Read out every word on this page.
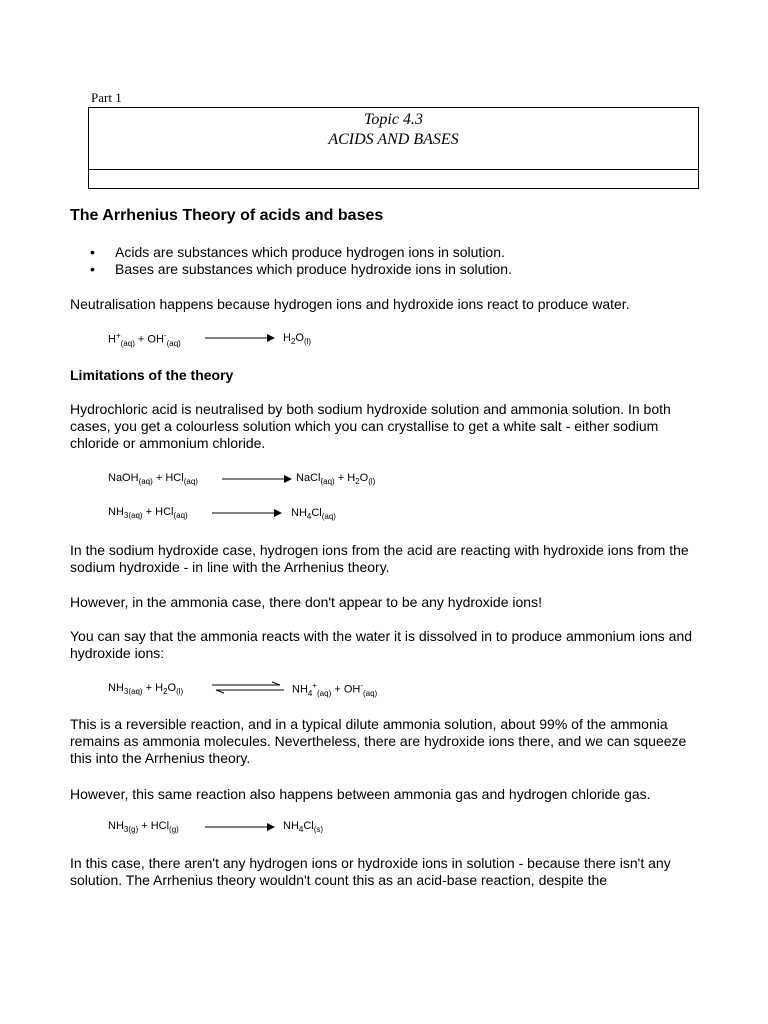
Part 1
Topic 4.3
ACIDS AND BASES
The Arrhenius Theory of acids and bases
• Acids are substances which produce hydrogen ions in solution.
• Bases are substances which produce hydroxide ions in solution.
Neutralisation happens because hydrogen ions and hydroxide ions react to produce water.
$H^+_{(aq)} + OH^-_{(aq)}$	$H_2O_{(l)}$
Limitations of the theory
Hydrochloric acid is neutralised by both sodium hydroxide solution and ammonia solution. In both cases, you get a colourless solution which you can crystallise to get a white salt - either sodium chloride or ammonium chloride.
NaOH$_{(aq)}$ + HCl$_{(aq)}$	NaCl$_{(aq)}$ + $H_2O_{(l)}$
$NH_{3(aq)} + HCl_{(aq)}$	$NH_4Cl_{(aq)}$
In the sodium hydroxide case, hydrogen ions from the acid are reacting with hydroxide ions from the sodium hydroxide - in line with the Arrhenius theory.
However, in the ammonia case, there don't appear to be any hydroxide ions!
You can say that the ammonia reacts with the water it is dissolved in to produce ammonium ions and hydroxide ions:
$NH_{3(aq)} + H_2O_{(l)}$	$NH_4^+_{(aq)} + OH^-_{(aq)}$
This is a reversible reaction, and in a typical dilute ammonia solution, about 99% of the ammonia remains as ammonia molecules. Nevertheless, there are hydroxide ions there, and we can squeeze this into the Arrhenius theory.
However, this same reaction also happens between ammonia gas and hydrogen chloride gas.
$NH_{3(g)} + HCl_{(g)}$	$NH_4Cl_{(s)}$
In this case, there aren't any hydrogen ions or hydroxide ions in solution - because there isn't any solution. The Arrhenius theory wouldn't count this as an acid-base reaction, despite the
